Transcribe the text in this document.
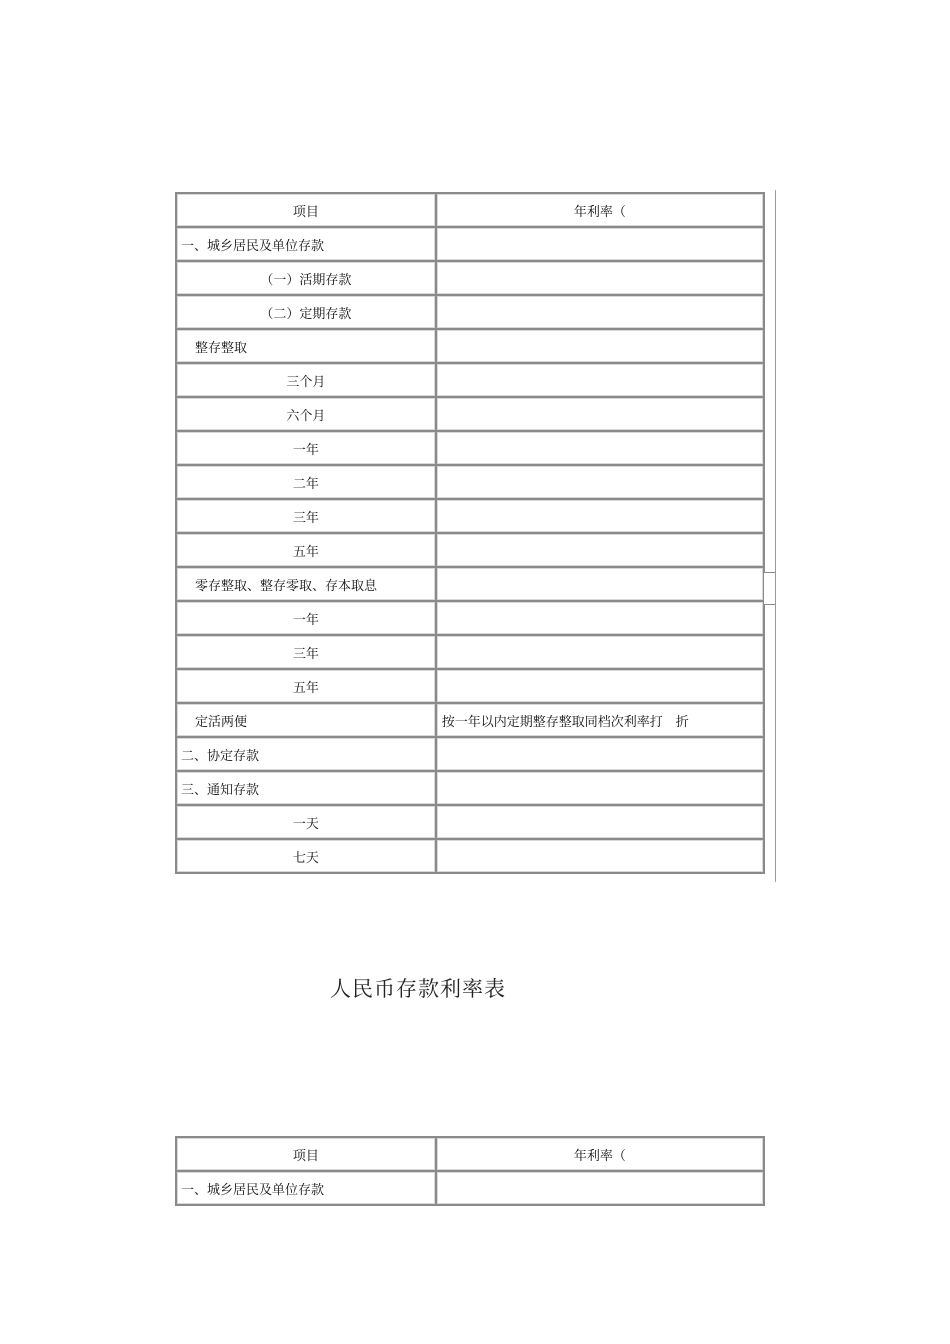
项目	年利率（
一、城乡居民及单位存款	
（一）活期存款	
（二）定期存款	
整存整取	
三个月	
六个月	
一年	
二年	
三年	
五年	
零存整取、整存零取、存本取息	
一年	
三年	
五年	
定活两便	按一年以内定期整存整取同档次利率打　折
二、协定存款	
三、通知存款	
一天	
七天	
人民币存款利率表
项目	年利率（
一、城乡居民及单位存款	
